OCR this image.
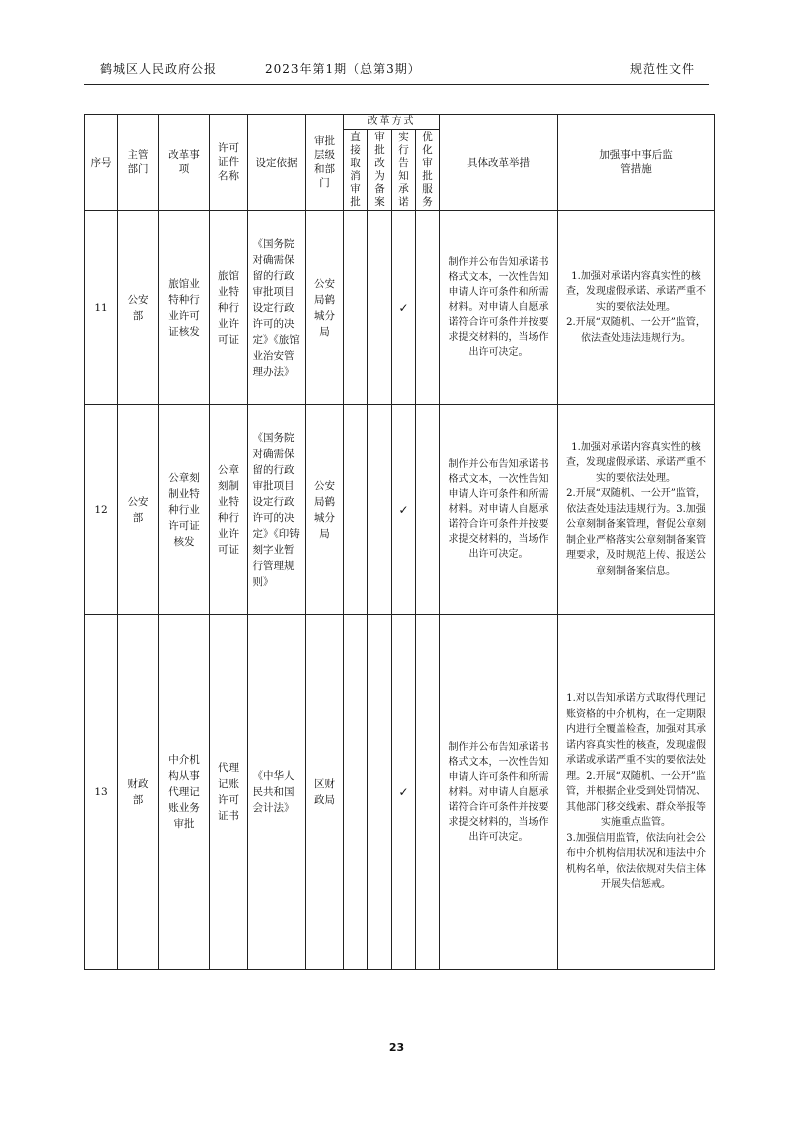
鹤城区人民政府公报	2023年第1期（总第3期）	规范性文件
序号	主管部门	改革事项	许可证件名称	设定依据	审批层级和部门	改革方式				具体改革举措	加强事中事后监管措施
						直接取消审批	审批改为备案	实行告知承诺	优化审批服务		
11	公安部	旅馆业特种行业许可证核发	旅馆业特种行业许可证	《国务院对确需保留的行政审批项目设定行政许可的决定》《旅馆业治安管理办法》	公安局鹤城分局			✓		制作并公布告知承诺书格式文本，一次性告知申请人许可条件和所需材料。对申请人自愿承诺符合许可条件并按要求提交材料的，当场作出许可决定。	1.加强对承诺内容真实性的核查，发现虚假承诺、承诺严重不实的要依法处理。
2.开展“双随机、一公开”监管，依法查处违法违规行为。

12	公安部	公章刻制业特种行业许可证核发	公章刻制业特种行业许可证	《国务院对确需保留的行政审批项目设定行政许可的决定》《印铸刻字业暂行管理规则》	公安局鹤城分局			✓		制作并公布告知承诺书格式文本，一次性告知申请人许可条件和所需材料。对申请人自愿承诺符合许可条件并按要求提交材料的，当场作出许可决定。	1.加强对承诺内容真实性的核查，发现虚假承诺、承诺严重不实的要依法处理。
2.开展“双随机、一公开”监管，依法查处违法违规行为。3.加强公章刻制备案管理，督促公章刻制企业严格落实公章刻制备案管理要求，及时规范上传、报送公章刻制备案信息。

13	财政部	中介机构从事代理记账业务审批	代理记账许可证书	《中华人民共和国会计法》	区财政局			✓		制作并公布告知承诺书格式文本，一次性告知申请人许可条件和所需材料。对申请人自愿承诺符合许可条件并按要求提交材料的，当场作出许可决定。	1.对以告知承诺方式取得代理记账资格的中介机构，在一定期限内进行全覆盖检查，加强对其承诺内容真实性的核查，发现虚假承诺或承诺严重不实的要依法处理。2.开展“双随机、一公开”监管，并根据企业受到处罚情况、其他部门移交线索、群众举报等实施重点监管。
3.加强信用监管，依法向社会公布中介机构信用状况和违法中介机构名单，依法依规对失信主体开展失信惩戒。
23
